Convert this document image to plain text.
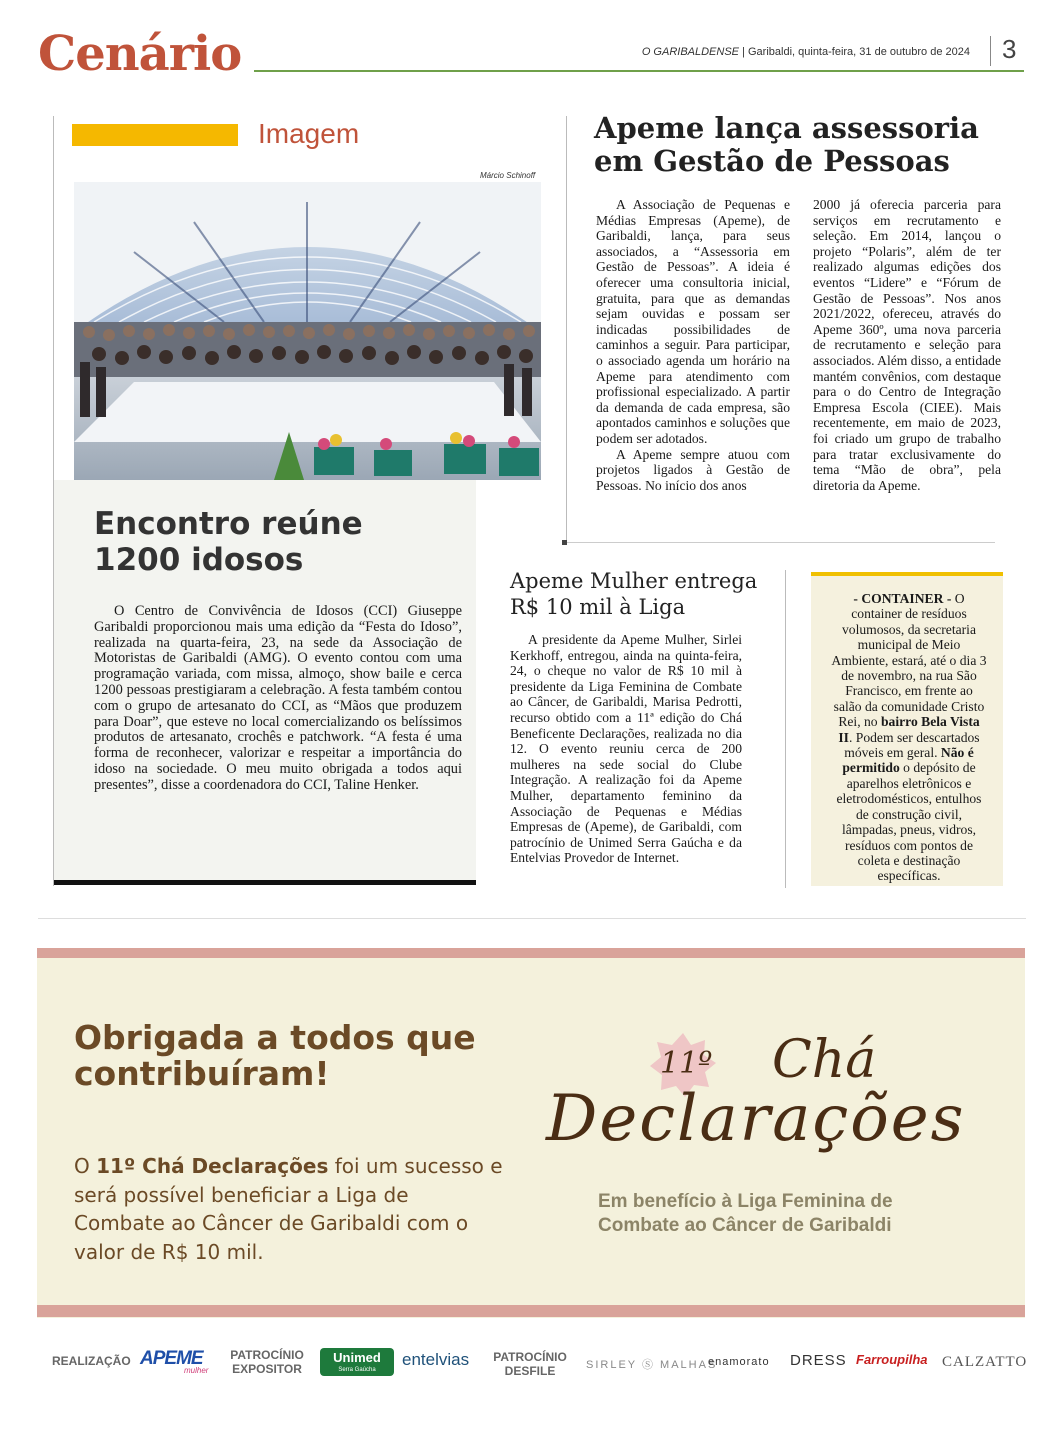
Cenário	O GARIBALDENSE | Garibaldi, quinta-feira, 31 de outubro de 2024 3
Imagem
Márcio Schinoff
Encontro reúne
1200 idosos

O Centro de Convivência de Idosos (CCI) Giuseppe Garibaldi proporcionou mais uma edição da “Festa do Idoso”, realizada na quarta-feira, 23, na sede da Associação de Motoristas de Garibaldi (AMG). O evento contou com uma programação variada, com missa, almoço, show baile e cerca 1200 pessoas prestigiaram a celebração. A festa também contou com o grupo de artesanato do CCI, as “Mãos que produzem para Doar”, que esteve no local comercializando os belíssimos produtos de artesanato, crochês e patchwork. “A festa é uma forma de reconhecer, valorizar e respeitar a importância do idoso na sociedade. O meu muito obrigada a todos aqui presentes”, disse a coordenadora do CCI, Taline Henker.

Apeme lança assessoria em Gestão de Pessoas

A Associação de Pequenas e Médias Empresas (Apeme), de Garibaldi, lança, para seus associados, a “Assessoria em Gestão de Pessoas”. A ideia é oferecer uma consultoria inicial, gratuita, para que as demandas sejam ouvidas e possam ser indicadas possibilidades de caminhos a seguir. Para participar, o associado agenda um horário na Apeme para atendimento com profissional especializado. A partir da demanda de cada empresa, são apontados caminhos e soluções que podem ser adotados.

A Apeme sempre atuou com projetos ligados à Gestão de Pessoas. No início dos anos

2000 já oferecia parceria para serviços em recrutamento e seleção. Em 2014, lançou o projeto “Polaris”, além de ter realizado algumas edições dos eventos “Lidere” e “Fórum de Gestão de Pessoas”. Nos anos 2021/2022, ofereceu, através do Apeme 360º, uma nova parceria de recrutamento e seleção para associados. Além disso, a entidade mantém convênios, com destaque para o do Centro de Integração Empresa Escola (CIEE). Mais recentemente, em maio de 2023, foi criado um grupo de trabalho para tratar exclusivamente do tema “Mão de obra”, pela diretoria da Apeme.
Apeme Mulher entrega R$ 10 mil à Liga

A presidente da Apeme Mulher, Sirlei Kerkhoff, entregou, ainda na quinta-feira, 24, o cheque no valor de R$ 10 mil à presidente da Liga Feminina de Combate ao Câncer, de Garibaldi, Marisa Pedrotti, recurso obtido com a 11ª edição do Chá Beneficente Declarações, realizada no dia 12. O evento reuniu cerca de 200 mulheres na sede social do Clube Integração. A realização foi da Apeme Mulher, departamento feminino da Associação de Pequenas e Médias Empresas de (Apeme), de Garibaldi, com patrocínio de Unimed Serra Gaúcha e da Entelvias Provedor de Internet.

- CONTAINER - O container de resíduos volumosos, da secretaria municipal de Meio Ambiente, estará, até o dia 3 de novembro, na rua São Francisco, em frente ao salão da comunidade Cristo Rei, no bairro Bela Vista II. Podem ser descartados móveis em geral. Não é permitido o depósito de aparelhos eletrônicos e eletrodomésticos, entulhos de construção civil, lâmpadas, pneus, vidros, resíduos com pontos de coleta e destinação específicas.
Obrigada a todos que contribuíram!
O 11º Chá Declarações foi um sucesso e será possível beneficiar a Liga de Combate ao Câncer de Garibaldi com o valor de R$ 10 mil.
11º Chá
Declarações
Em benefício à Liga Feminina de Combate ao Câncer de Garibaldi
REALIZAÇÃO APEME
mulher
PATROCÍNIO EXPOSITOR
Unimed
Serra Gaúcha
entelvias PATROCÍNIO DESFILE	SIRLEY Ⓢ MALHAS
enamorato DRESS Farroupilha CALZATTO
